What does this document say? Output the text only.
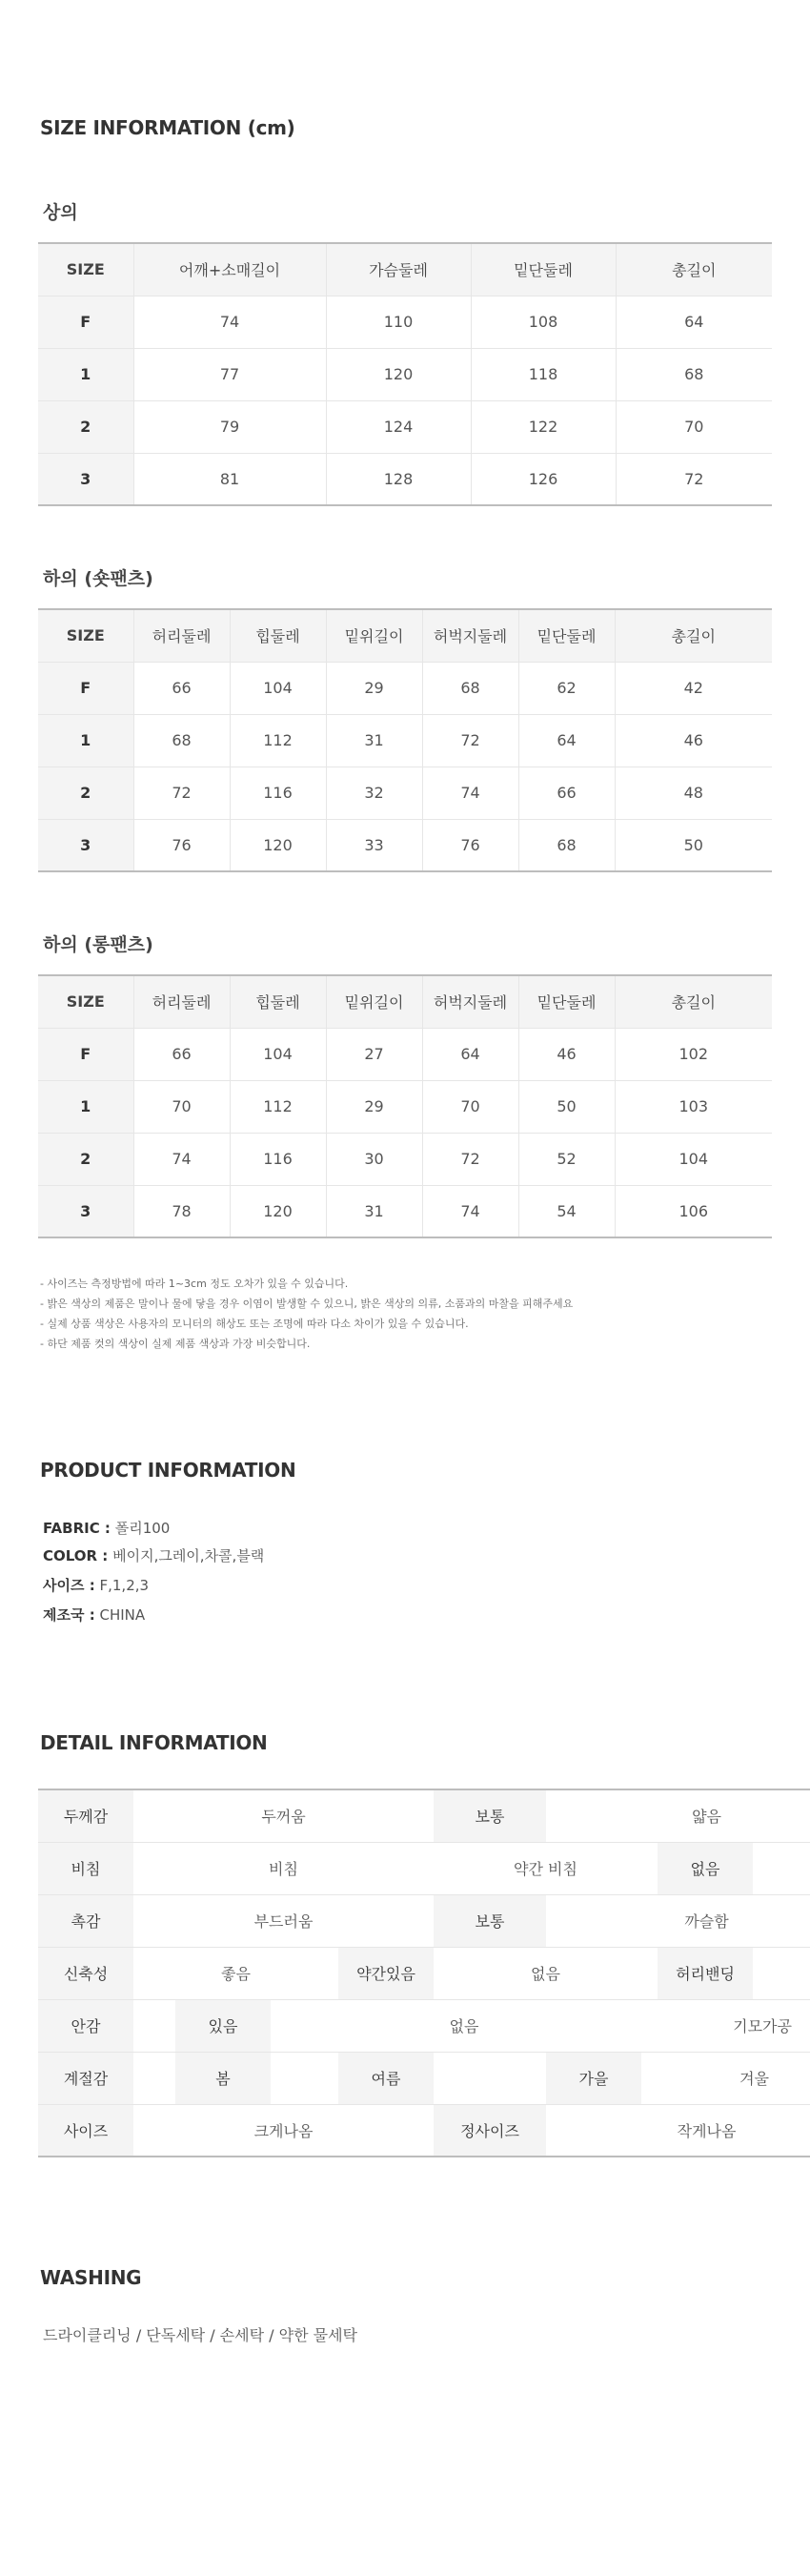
SIZE INFORMATION (cm)
상의
SIZE	어깨+소매길이	가슴둘레	밑단둘레	총길이
F	74	110	108	64
1	77	120	118	68
2	79	124	122	70
3	81	128	126	72
하의 (숏팬츠)
SIZE	허리둘레	힙둘레	밑위길이	허벅지둘레	밑단둘레	총길이
F	66	104	29	68	62	42
1	68	112	31	72	64	46
2	72	116	32	74	66	48
3	76	120	33	76	68	50
하의 (롱팬츠)
SIZE	허리둘레	힙둘레	밑위길이	허벅지둘레	밑단둘레	총길이
F	66	104	27	64	46	102
1	70	112	29	70	50	103
2	74	116	30	72	52	104
3	78	120	31	74	54	106
- 사이즈는 측정방법에 따라 1~3cm 정도 오차가 있을 수 있습니다.
- 밝은 색상의 제품은 말이나 물에 닿을 경우 이염이 발생할 수 있으니, 밝은 색상의 의류, 소품과의 마찰을 피해주세요
- 실제 상품 색상은 사용자의 모니터의 해상도 또는 조명에 따라 다소 차이가 있을 수 있습니다.
- 하단 제품 컷의 색상이 실제 제품 색상과 가장 비슷합니다.
PRODUCT INFORMATION
FABRIC : 폴리100
COLOR : 베이지,그레이,차콜,블랙
사이즈 : F,1,2,3
제조국 : CHINA
DETAIL INFORMATION
두께감	두꺼움				보통	얇음			
비침	비침				약간 비침			없음	
촉감	부드러움				보통	까슬함			
신축성	좋음			약간있음	없음			허리밴딩	
안감		있음	없음					기모가공	
계절감		봄		여름		가을	겨울		
사이즈	크게나옴				정사이즈	작게나옴			
WASHING
드라이클리닝 / 단독세탁 / 손세탁 / 약한 물세탁
